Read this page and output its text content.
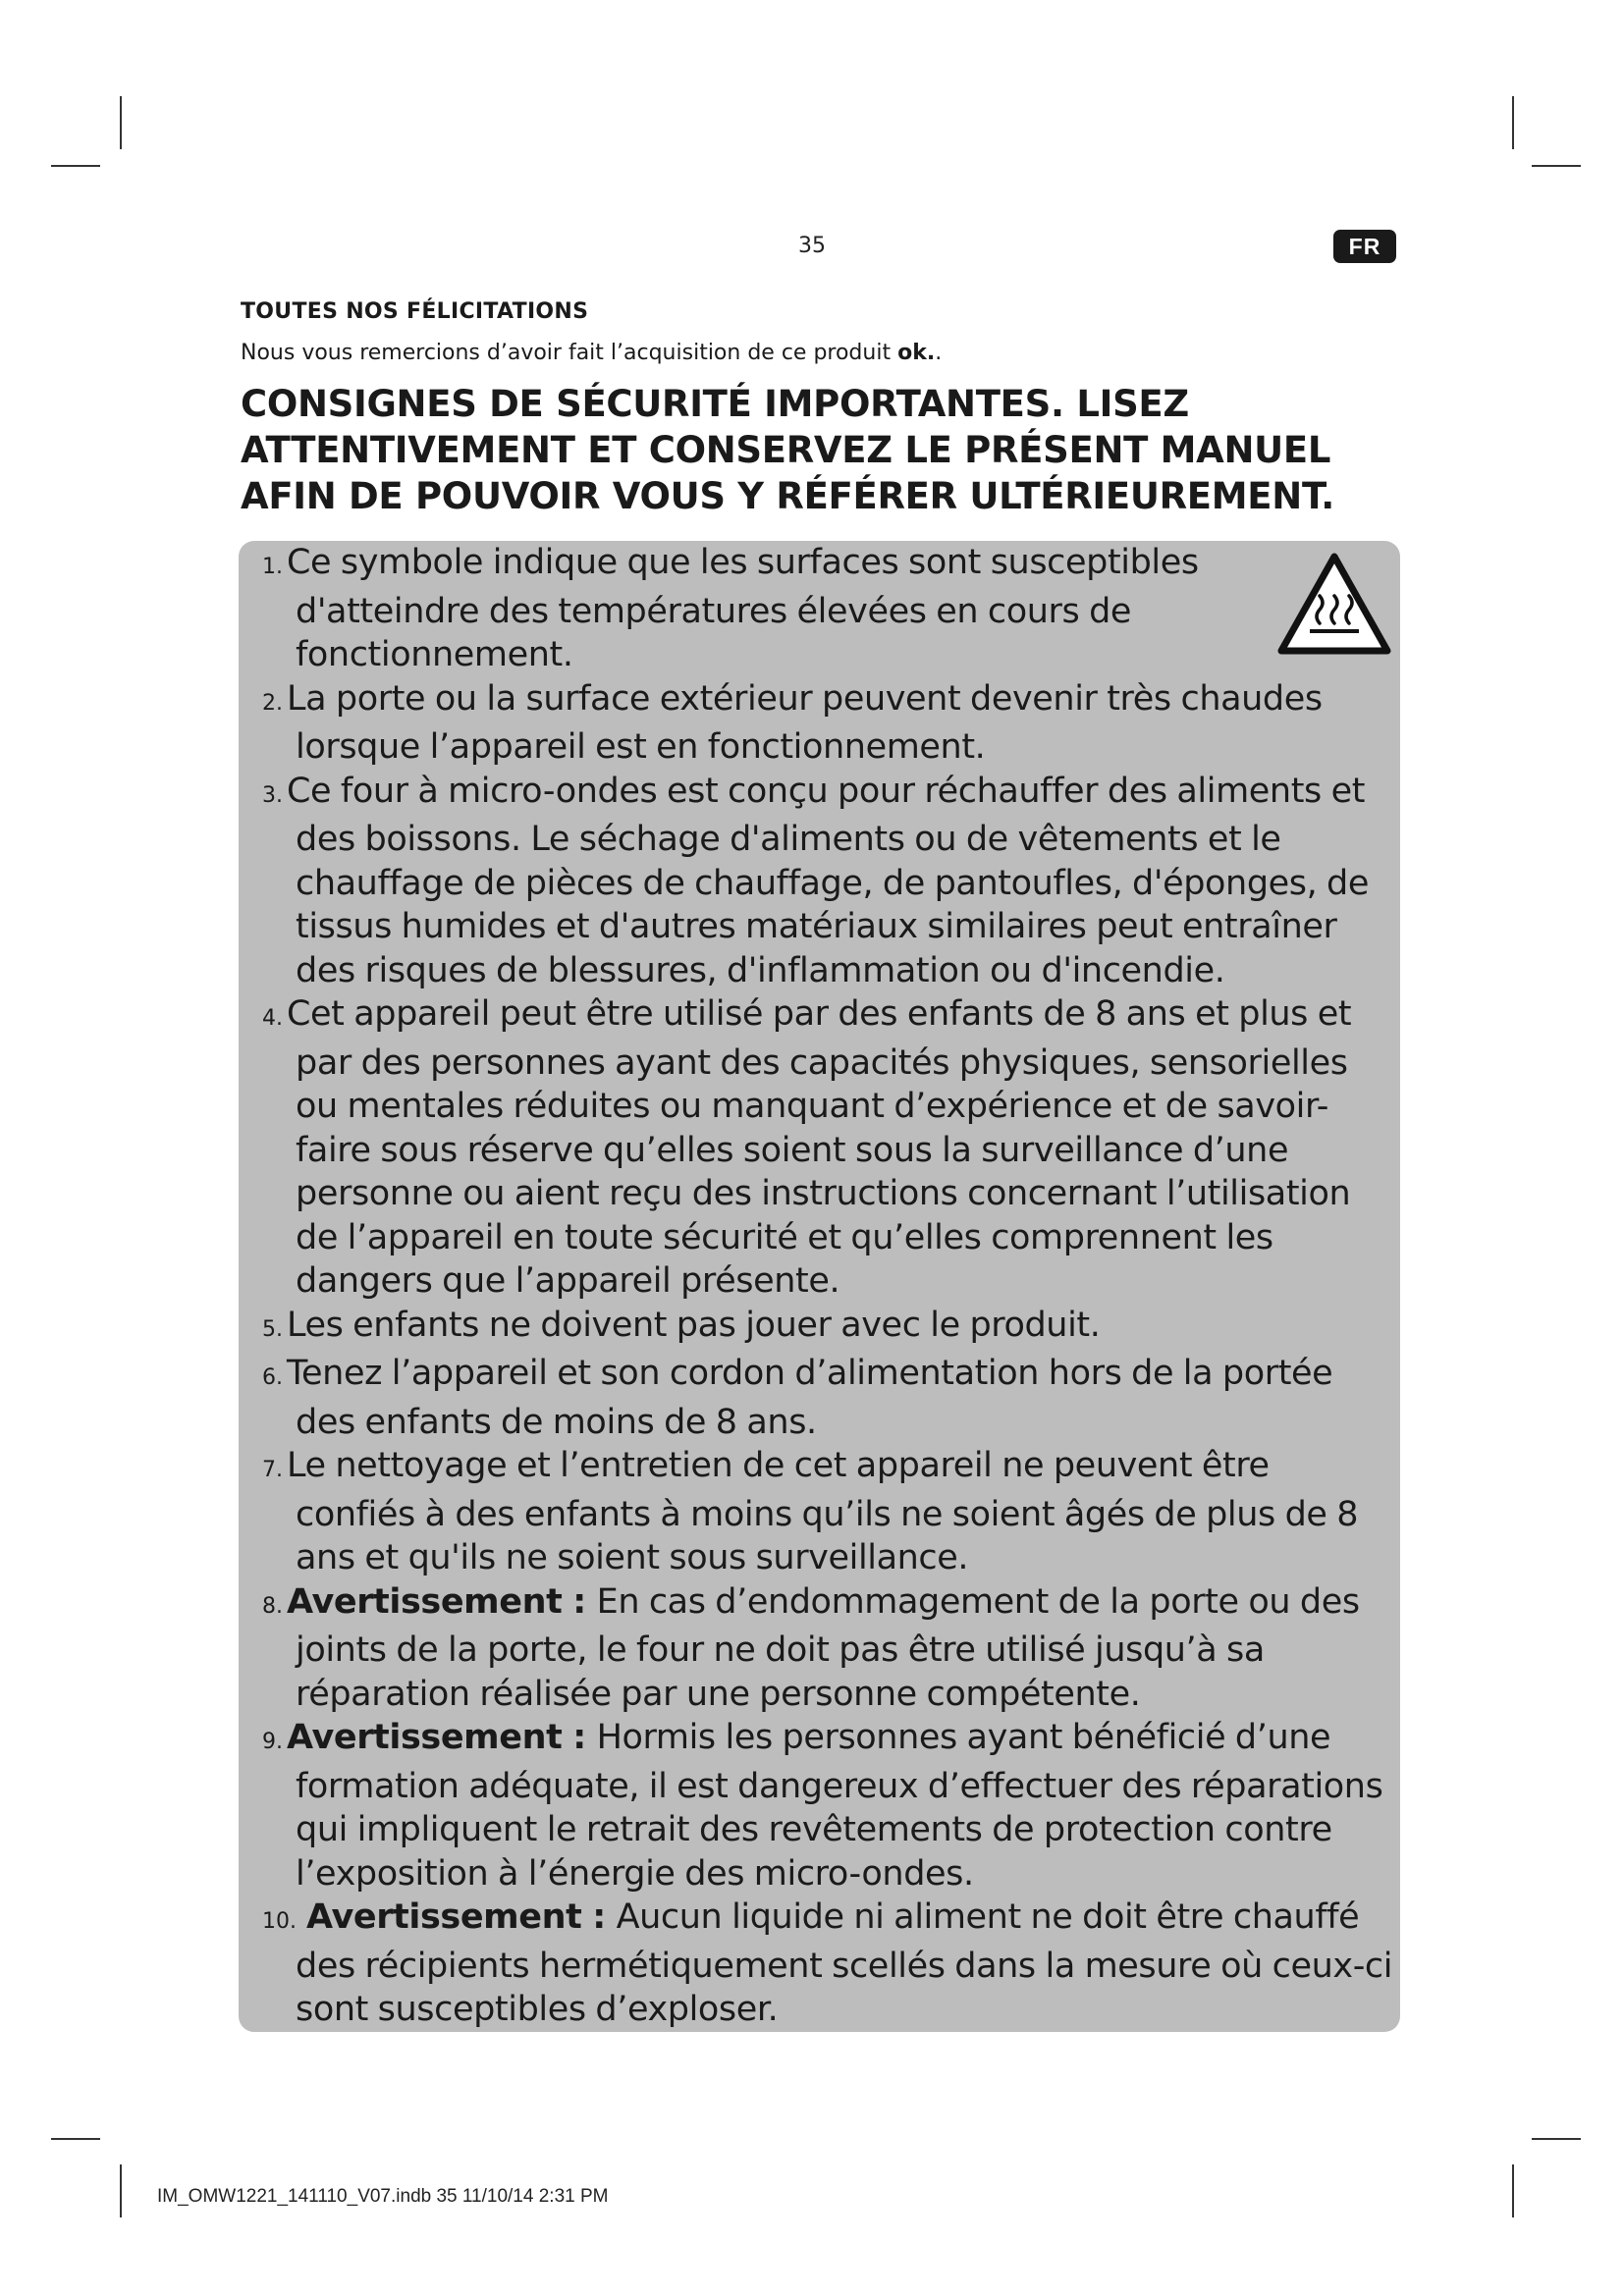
35	FR
TOUTES NOS FÉLICITATIONS
Nous vous remercions d’avoir fait l’acquisition de ce produit ok..
CONSIGNES DE SÉCURITÉ IMPORTANTES. LISEZ ATTENTIVEMENT ET CONSERVEZ LE PRÉSENT MANUEL AFIN DE POUVOIR VOUS Y RÉFÉRER ULTÉRIEUREMENT.
1. Ce symbole indique que les surfaces sont susceptibles d'atteindre des températures élevées en cours de fonctionnement.
2. La porte ou la surface extérieur peuvent devenir très chaudes lorsque l’appareil est en fonctionnement.
3. Ce four à micro-ondes est conçu pour réchauffer des aliments et des boissons. Le séchage d'aliments ou de vêtements et le chauffage de pièces de chauffage, de pantoufles, d'éponges, de tissus humides et d'autres matériaux similaires peut entraîner des risques de blessures, d'inflammation ou d'incendie.
4. Cet appareil peut être utilisé par des enfants de 8 ans et plus et par des personnes ayant des capacités physiques, sensorielles ou mentales réduites ou manquant d’expérience et de savoir-faire sous réserve qu’elles soient sous la surveillance d’une personne ou aient reçu des instructions concernant l’utilisation de l’appareil en toute sécurité et qu’elles comprennent les dangers que l’appareil présente.
5. Les enfants ne doivent pas jouer avec le produit.
6. Tenez l’appareil et son cordon d’alimentation hors de la portée des enfants de moins de 8 ans.
7. Le nettoyage et l’entretien de cet appareil ne peuvent être confiés à des enfants à moins qu’ils ne soient âgés de plus de 8 ans et qu'ils ne soient sous surveillance.
8. Avertissement : En cas d’endommagement de la porte ou des joints de la porte, le four ne doit pas être utilisé jusqu’à sa réparation réalisée par une personne compétente.
9. Avertissement : Hormis les personnes ayant bénéficié d’une formation adéquate, il est dangereux d’effectuer des réparations qui impliquent le retrait des revêtements de protection contre l’exposition à l’énergie des micro-ondes.
10. Avertissement : Aucun liquide ni aliment ne doit être chauffé des récipients hermétiquement scellés dans la mesure où ceux-ci sont susceptibles d’exploser.
IM_OMW1221_141110_V07.indb 35 11/10/14 2:31 PM
